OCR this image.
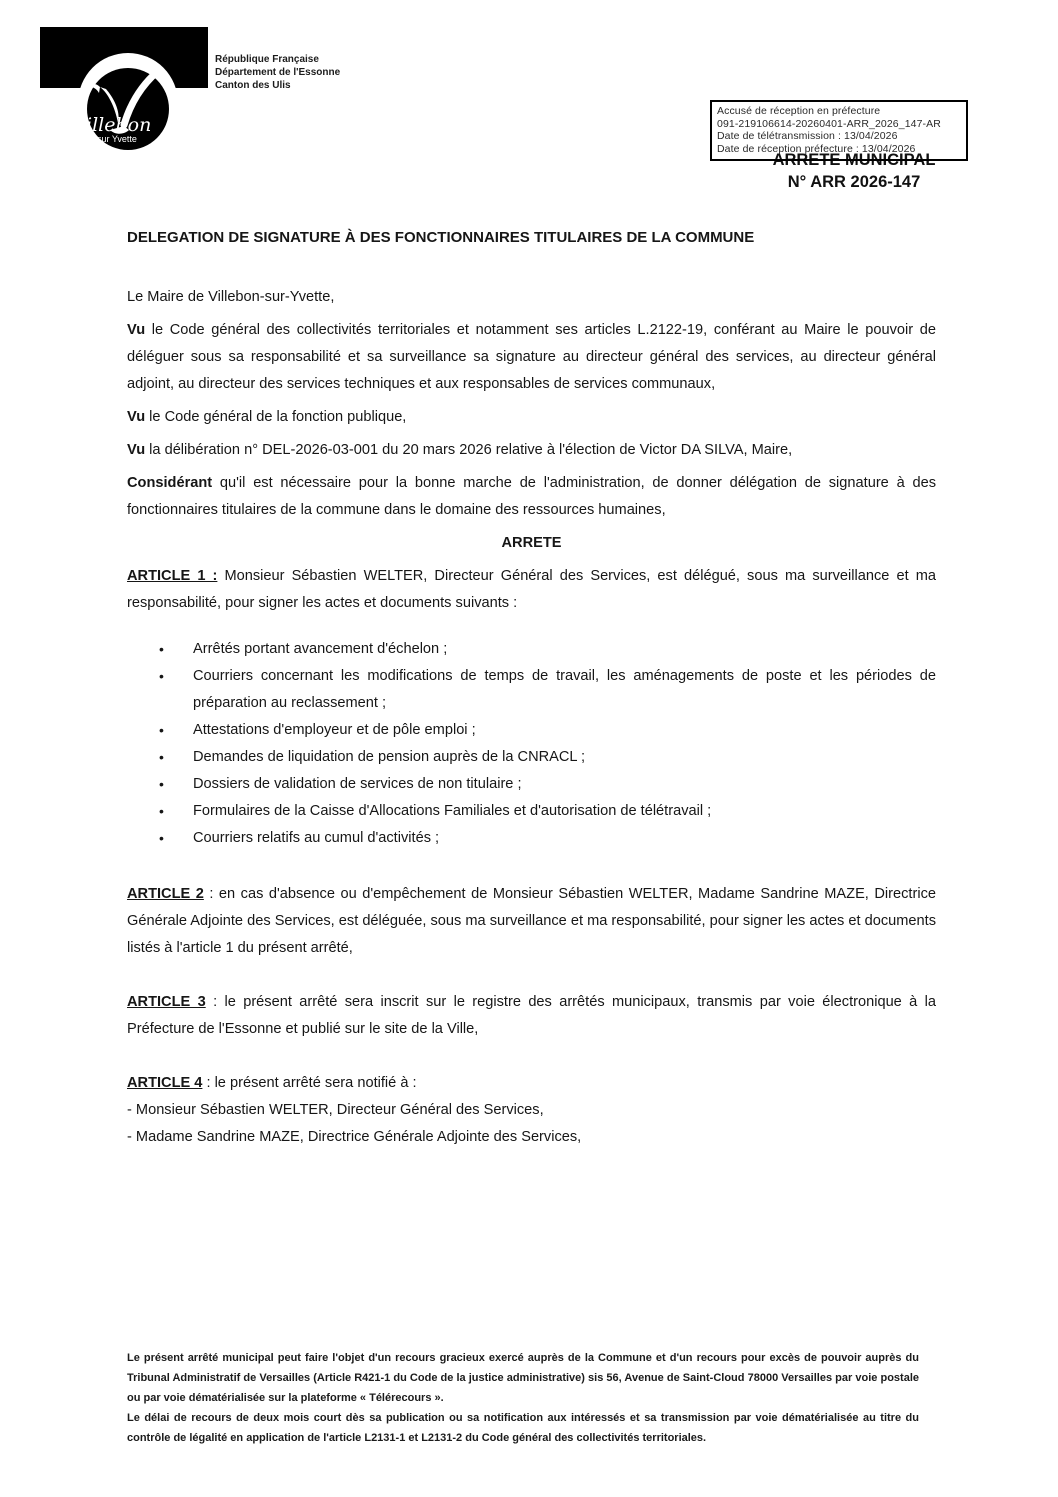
illebon
sur Yvette
République Française
Département de l'Essonne
Canton des Ulis
ARRETE MUNICIPAL
N° ARR 2026-147
Accusé de réception en préfecture
091-219106614-20260401-ARR_2026_147-AR
Date de télétransmission : 13/04/2026
Date de réception préfecture : 13/04/2026
DELEGATION DE SIGNATURE À DES FONCTIONNAIRES TITULAIRES DE LA COMMUNE

Le Maire de Villebon-sur-Yvette,

Vu le Code général des collectivités territoriales et notamment ses articles L.2122-19, conférant au Maire le pouvoir de déléguer sous sa responsabilité et sa surveillance sa signature au directeur général des services, au directeur général adjoint, au directeur des services techniques et aux responsables de services communaux,

Vu le Code général de la fonction publique,

Vu la délibération n° DEL-2026-03-001 du 20 mars 2026 relative à l'élection de Victor DA SILVA, Maire,

Considérant qu'il est nécessaire pour la bonne marche de l'administration, de donner délégation de signature à des fonctionnaires titulaires de la commune dans le domaine des ressources humaines,

ARRETE

ARTICLE 1 : Monsieur Sébastien WELTER, Directeur Général des Services, est délégué, sous ma surveillance et ma responsabilité, pour signer les actes et documents suivants :

• Arrêtés portant avancement d'échelon ;
• Courriers concernant les modifications de temps de travail, les aménagements de poste et les périodes de préparation au reclassement ;
• Attestations d'employeur et de pôle emploi ;
• Demandes de liquidation de pension auprès de la CNRACL ;
• Dossiers de validation de services de non titulaire ;
• Formulaires de la Caisse d'Allocations Familiales et d'autorisation de télétravail ;
• Courriers relatifs au cumul d'activités ;

ARTICLE 2 : en cas d'absence ou d'empêchement de Monsieur Sébastien WELTER, Madame Sandrine MAZE, Directrice Générale Adjointe des Services, est déléguée, sous ma surveillance et ma responsabilité, pour signer les actes et documents listés à l'article 1 du présent arrêté,

ARTICLE 3 : le présent arrêté sera inscrit sur le registre des arrêtés municipaux, transmis par voie électronique à la Préfecture de l'Essonne et publié sur le site de la Ville,

ARTICLE 4 : le présent arrêté sera notifié à :

- Monsieur Sébastien WELTER, Directeur Général des Services,

- Madame Sandrine MAZE, Directrice Générale Adjointe des Services,

Le présent arrêté municipal peut faire l'objet d'un recours gracieux exercé auprès de la Commune et d'un recours pour excès de pouvoir auprès du Tribunal Administratif de Versailles (Article R421-1 du Code de la justice administrative) sis 56, Avenue de Saint-Cloud 78000 Versailles par voie postale ou par voie dématérialisée sur la plateforme « Télérecours ».

Le délai de recours de deux mois court dès sa publication ou sa notification aux intéressés et sa transmission par voie dématérialisée au titre du contrôle de légalité en application de l'article L2131-1 et L2131-2 du Code général des collectivités territoriales.
